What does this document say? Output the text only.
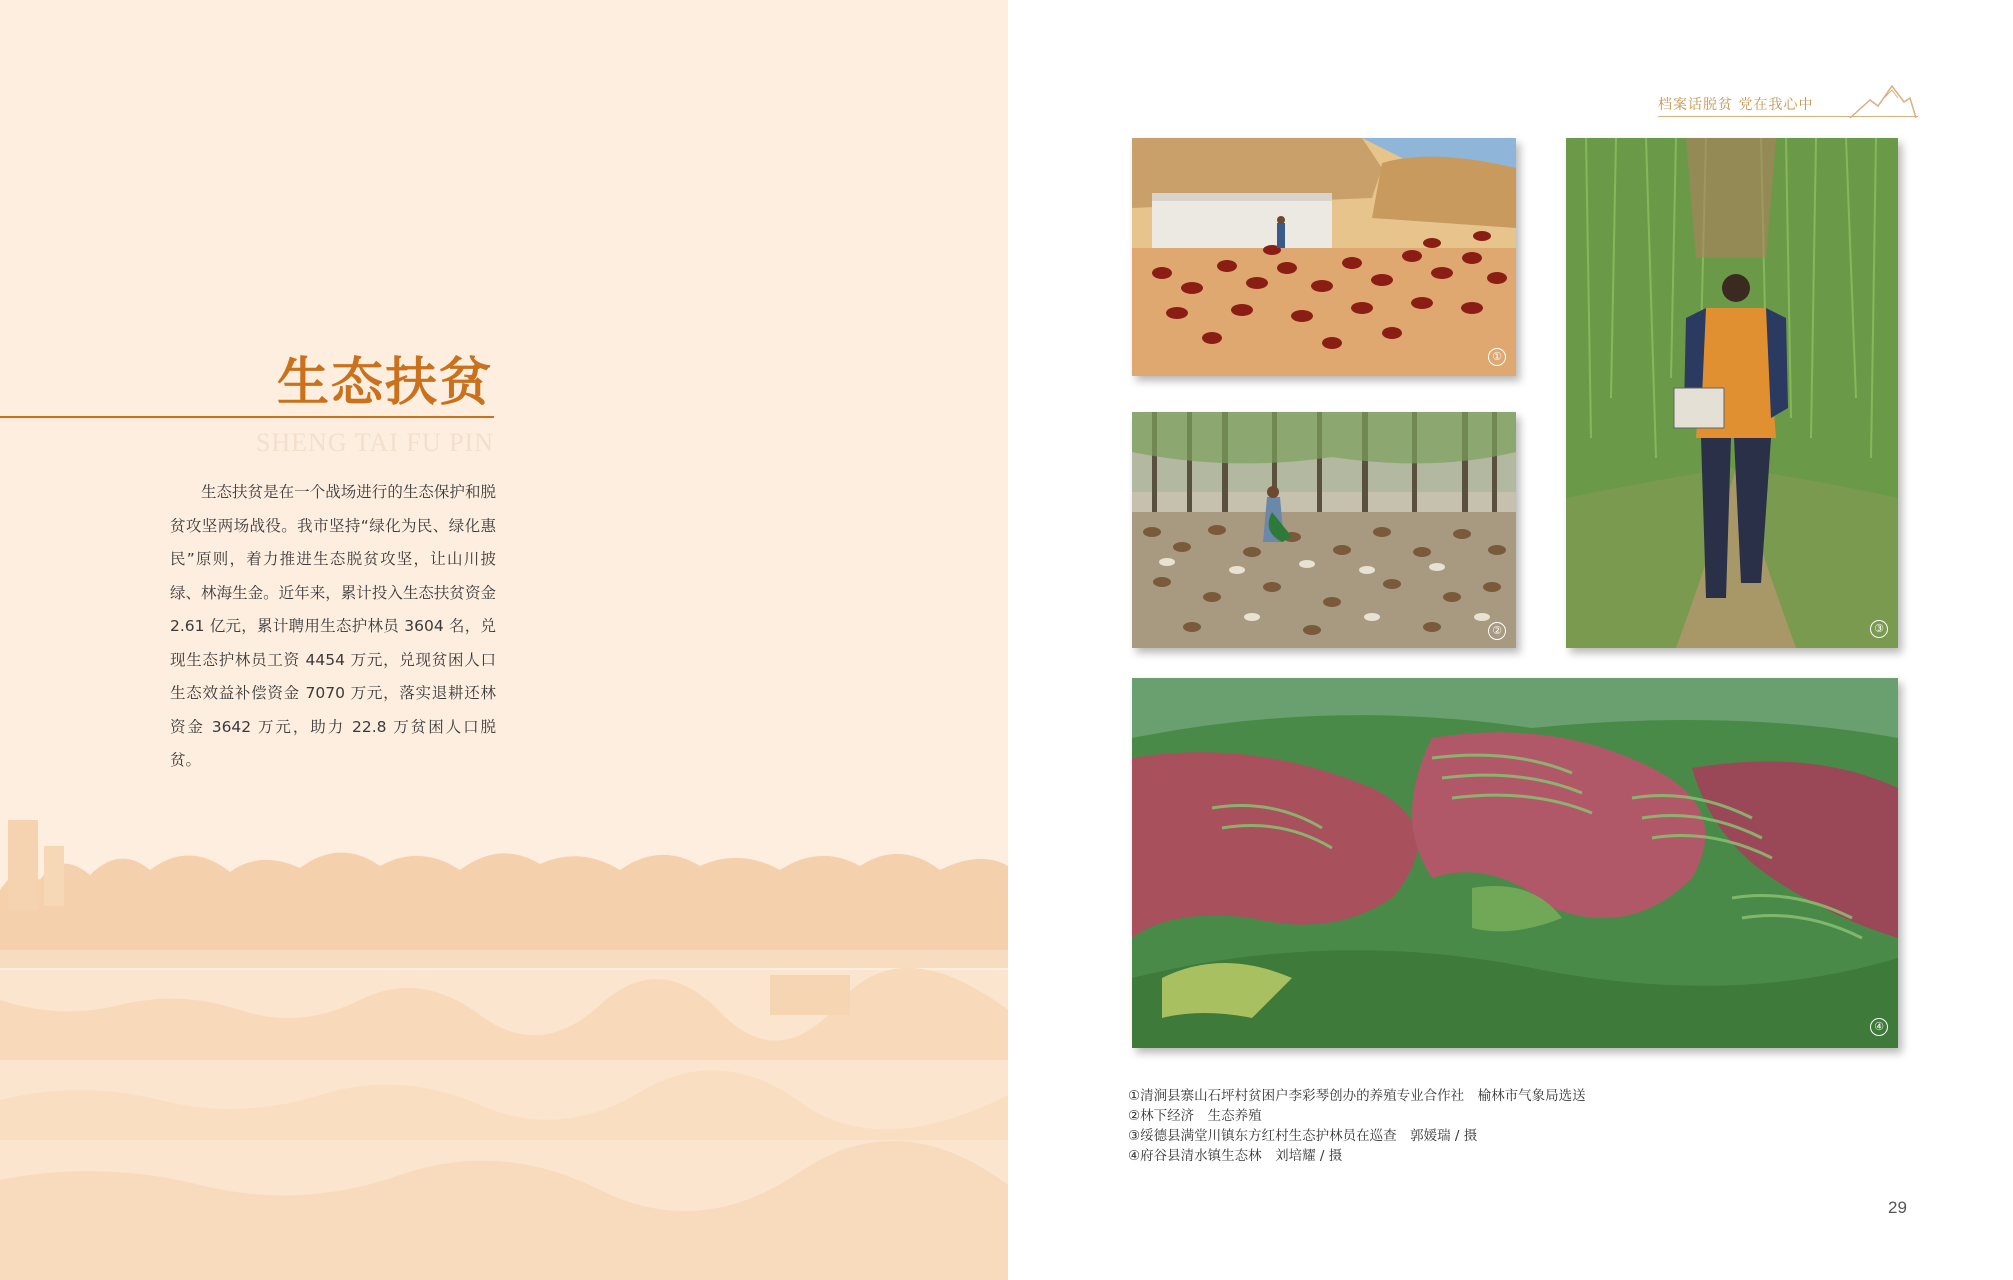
生态扶贫
SHENG TAI FU PIN
生态扶贫是在一个战场进行的生态保护和脱贫攻坚两场战役。我市坚持“绿化为民、绿化惠民”原则，着力推进生态脱贫攻坚，让山川披绿、林海生金。近年来，累计投入生态扶贫资金 2.61 亿元，累计聘用生态护林员 3604 名，兑现生态护林员工资 4454 万元，兑现贫困人口生态效益补偿资金 7070 万元，落实退耕还林资金 3642 万元，助力 22.8 万贫困人口脱贫。
档案话脱贫 党在我心中
①
②	③
④
①清涧县寨山石坪村贫困户李彩琴创办的养殖专业合作社　榆林市气象局选送
②林下经济　生态养殖
③绥德县满堂川镇东方红村生态护林员在巡查　郭媛瑞 / 摄
④府谷县清水镇生态林　刘培耀 / 摄
29
